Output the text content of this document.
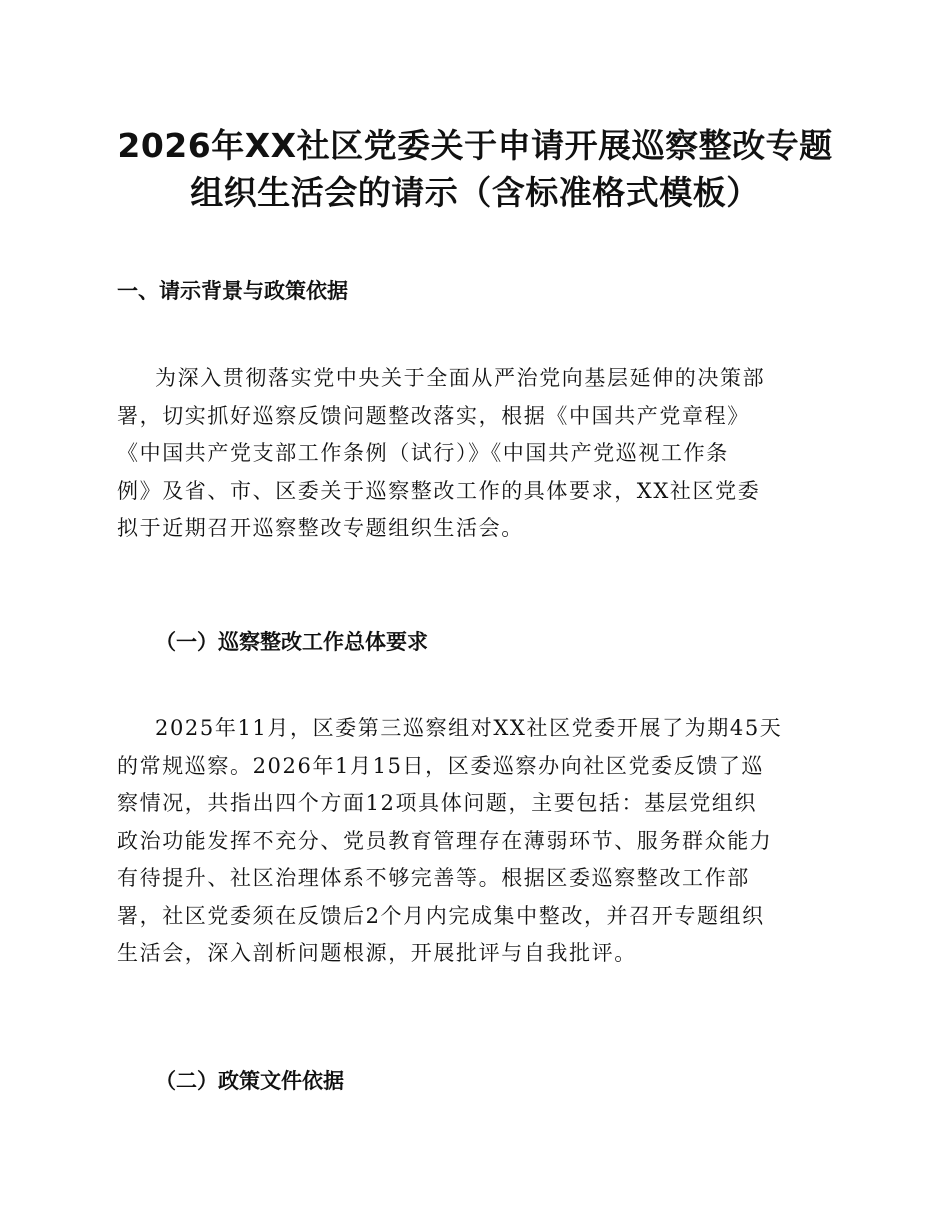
2026年XX社区党委关于申请开展巡察整改专题
组织生活会的请示（含标准格式模板）
一、请示背景与政策依据
为深入贯彻落实党中央关于全面从严治党向基层延伸的决策部
署，切实抓好巡察反馈问题整改落实，根据《中国共产党章程》
《中国共产党支部工作条例（试行）》《中国共产党巡视工作条
例》及省、市、区委关于巡察整改工作的具体要求，XX社区党委
拟于近期召开巡察整改专题组织生活会。
（一）巡察整改工作总体要求
2025年11月，区委第三巡察组对XX社区党委开展了为期45天
的常规巡察。2026年1月15日，区委巡察办向社区党委反馈了巡
察情况，共指出四个方面12项具体问题，主要包括：基层党组织
政治功能发挥不充分、党员教育管理存在薄弱环节、服务群众能力
有待提升、社区治理体系不够完善等。根据区委巡察整改工作部
署，社区党委须在反馈后2个月内完成集中整改，并召开专题组织
生活会，深入剖析问题根源，开展批评与自我批评。
（二）政策文件依据
